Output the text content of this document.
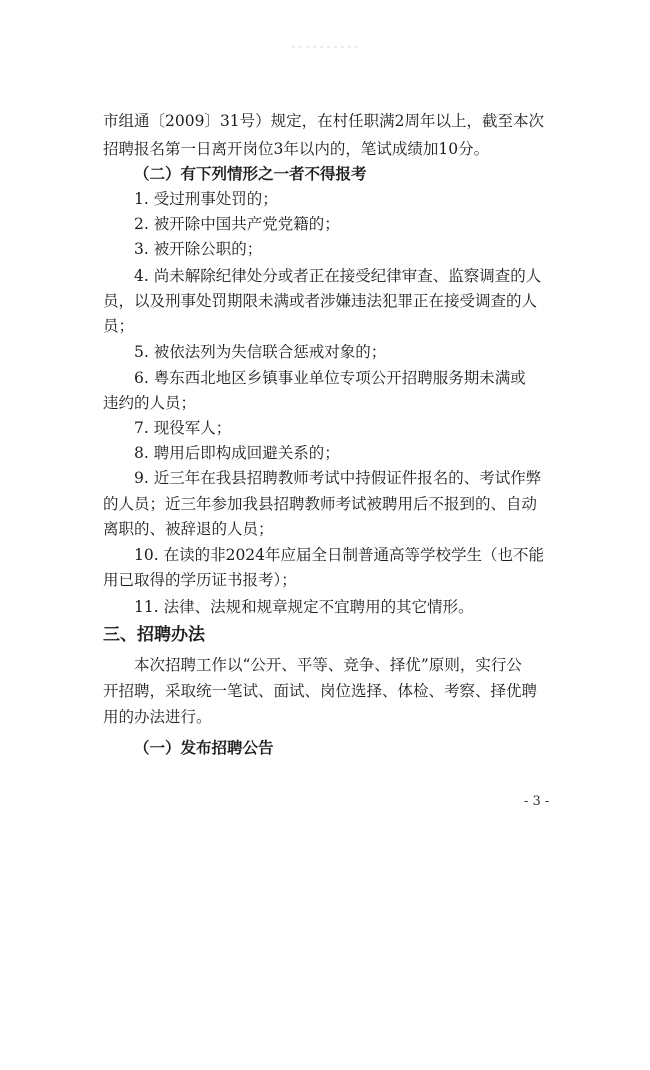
市组通〔2009〕31号）规定，在村任职满2周年以上，截至本次
招聘报名第一日离开岗位3年以内的，笔试成绩加10分。
（二）有下列情形之一者不得报考
1. 受过刑事处罚的；
2. 被开除中国共产党党籍的；
3. 被开除公职的；
4. 尚未解除纪律处分或者正在接受纪律审查、监察调查的人
员，以及刑事处罚期限未满或者涉嫌违法犯罪正在接受调查的人
员；
5. 被依法列为失信联合惩戒对象的；
6. 粤东西北地区乡镇事业单位专项公开招聘服务期未满或
违约的人员；
7. 现役军人；
8. 聘用后即构成回避关系的；
9. 近三年在我县招聘教师考试中持假证件报名的、考试作弊
的人员；近三年参加我县招聘教师考试被聘用后不报到的、自动
离职的、被辞退的人员；
10. 在读的非2024年应届全日制普通高等学校学生（也不能
用已取得的学历证书报考）；
11. 法律、法规和规章规定不宜聘用的其它情形。
三、招聘办法
本次招聘工作以“公开、平等、竞争、择优”原则，实行公
开招聘，采取统一笔试、面试、岗位选择、体检、考察、择优聘
用的办法进行。
（一）发布招聘公告
- 3 -
